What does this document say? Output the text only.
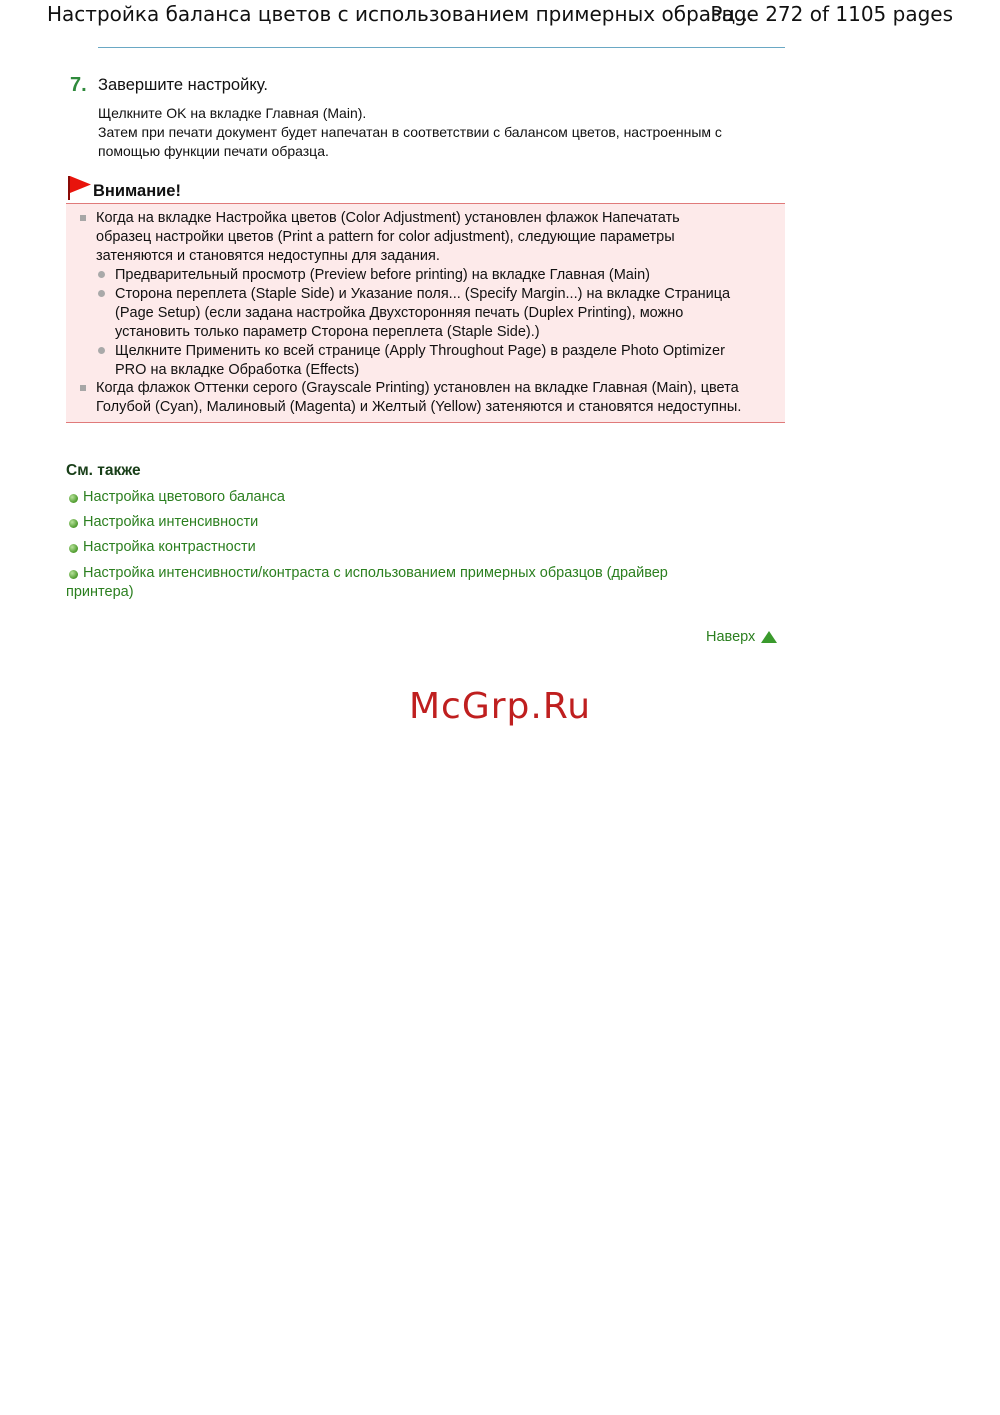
Настройка баланса цветов с использованием примерных образц...
Page 272 of 1105 pages
7. Завершите настройку.
Щелкните OK на вкладке Главная (Main).
Затем при печати документ будет напечатан в соответствии с балансом цветов, настроенным с
помощью функции печати образца.
Внимание!
Когда на вкладке Настройка цветов (Color Adjustment) установлен флажок Напечатать
образец настройки цветов (Print a pattern for color adjustment), следующие параметры
затеняются и становятся недоступны для задания.
Предварительный просмотр (Preview before printing) на вкладке Главная (Main)
Сторона переплета (Staple Side) и Указание поля... (Specify Margin...) на вкладке Страница
(Page Setup) (если задана настройка Двухсторонняя печать (Duplex Printing), можно
установить только параметр Сторона переплета (Staple Side).)
Щелкните Применить ко всей странице (Apply Throughout Page) в разделе Photo Optimizer
PRO на вкладке Обработка (Effects)
Когда флажок Оттенки серого (Grayscale Printing) установлен на вкладке Главная (Main), цвета
Голубой (Cyan), Малиновый (Magenta) и Желтый (Yellow) затеняются и становятся недоступны.
См. также
Настройка цветового баланса
Настройка интенсивности
Настройка контрастности
Настройка интенсивности/контраста с использованием примерных образцов (драйвер
принтера)
Наверх
McGrp.Ru
